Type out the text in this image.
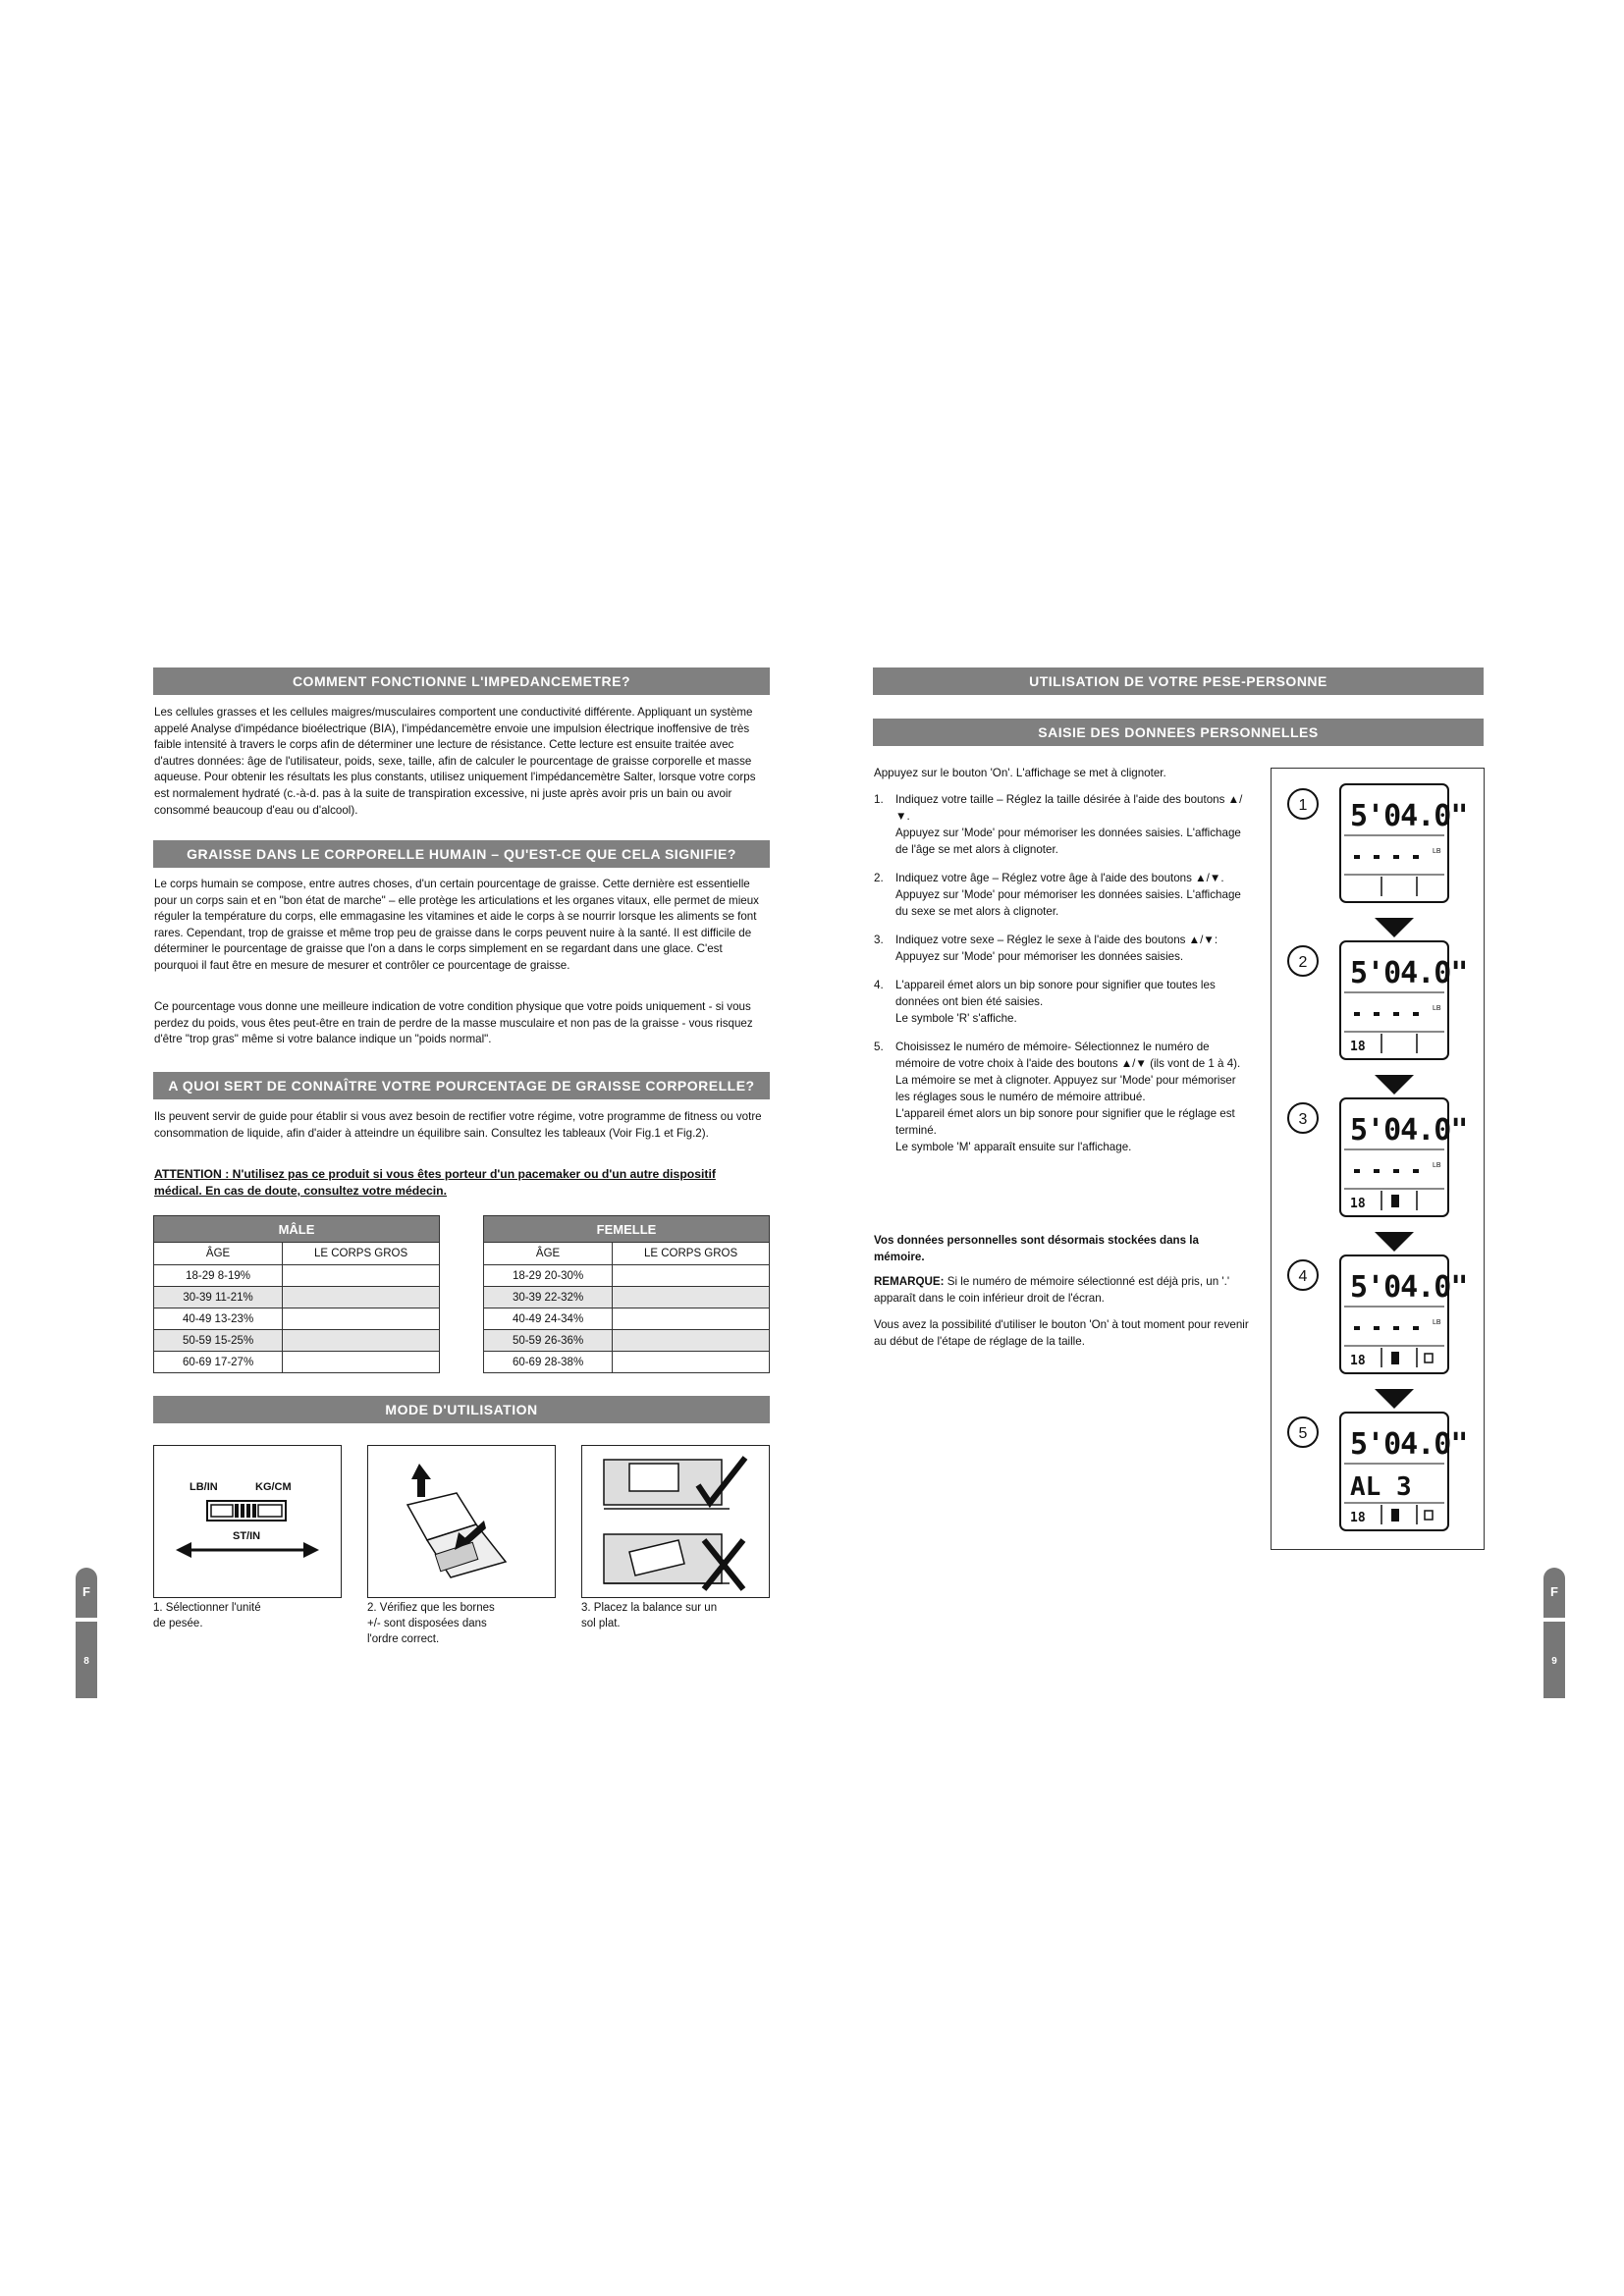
COMMENT FONCTIONNE L'IMPEDANCEMETRE?

Les cellules grasses et les cellules maigres/musculaires comportent une conductivité différente. Appliquant un système appelé Analyse d'impédance bioélectrique (BIA), l'impédancemètre envoie une impulsion électrique inoffensive de très faible intensité à travers le corps afin de déterminer une lecture de résistance. Cette lecture est ensuite traitée avec d'autres données: âge de l'utilisateur, poids, sexe, taille, afin de calculer le pourcentage de graisse corporelle et masse aqueuse. Pour obtenir les résultats les plus constants, utilisez uniquement l'impédancemètre Salter, lorsque votre corps est normalement hydraté (c.-à-d. pas à la suite de transpiration excessive, ni juste après avoir pris un bain ou avoir consommé beaucoup d'eau ou d'alcool).

GRAISSE DANS LE CORPORELLE HUMAIN – QU'EST-CE QUE CELA SIGNIFIE?

Le corps humain se compose, entre autres choses, d'un certain pourcentage de graisse. Cette dernière est essentielle pour un corps sain et en "bon état de marche" – elle protège les articulations et les organes vitaux, elle permet de mieux réguler la température du corps, elle emmagasine les vitamines et aide le corps à se nourrir lorsque les aliments se font rares. Cependant, trop de graisse et même trop peu de graisse dans le corps peuvent nuire à la santé. Il est difficile de déterminer le pourcentage de graisse que l'on a dans le corps simplement en se regardant dans une glace. C'est pourquoi il faut être en mesure de mesurer et contrôler ce pourcentage de graisse.

Ce pourcentage vous donne une meilleure indication de votre condition physique que votre poids uniquement - si vous perdez du poids, vous êtes peut-être en train de perdre de la masse musculaire et non pas de la graisse - vous risquez d'être "trop gras" même si votre balance indique un "poids normal".

A QUOI SERT DE CONNAÎTRE VOTRE POURCENTAGE DE GRAISSE CORPORELLE?

Ils peuvent servir de guide pour établir si vous avez besoin de rectifier votre régime, votre programme de fitness ou votre consommation de liquide, afin d'aider à atteindre un équilibre sain. Consultez les tableaux (Voir Fig.1 et Fig.2).

ATTENTION : N'utilisez pas ce produit si vous êtes porteur d'un pacemaker ou d'un autre dispositif médical. En cas de doute, consultez votre médecin.

MÂLE	
ÂGE	LE CORPS GROS
18-29 8-19%	
30-39 11-21%	
40-49 13-23%	
50-59 15-25%	
60-69 17-27%	
FEMELLE	
ÂGE	LE CORPS GROS
18-29 20-30%	
30-39 22-32%	
40-49 24-34%	
50-59 26-36%	
60-69 28-38%	
MODE D'UTILISATION
LB/IN	KG/CM
ST/IN

1. Sélectionner l'unité
de pesée.

2. Vérifiez que les bornes
+/- sont disposées dans
l'ordre correct.

3. Placez la balance sur un
sol plat.

F
8
UTILISATION DE VOTRE PESE-PERSONNE
SAISIE DES DONNEES PERSONNELLES

Appuyez sur le bouton 'On'. L'affichage se met à clignoter.

1. Indiquez votre taille – Réglez la taille désirée à l'aide des boutons ▲/▼.
Appuyez sur 'Mode' pour mémoriser les données saisies. L'affichage de l'âge se met alors à clignoter.
2. Indiquez votre âge – Réglez votre âge à l'aide des boutons ▲/▼.
Appuyez sur 'Mode' pour mémoriser les données saisies. L'affichage du sexe se met alors à clignoter.
3. Indiquez votre sexe – Réglez le sexe à l'aide des boutons ▲/▼:
Appuyez sur 'Mode' pour mémoriser les données saisies.
4. L'appareil émet alors un bip sonore pour signifier que toutes les données ont bien été saisies.
Le symbole 'R' s'affiche.
5. Choisissez le numéro de mémoire- Sélectionnez le numéro de mémoire de votre choix à l'aide des boutons ▲/▼ (ils vont de 1 à 4).
La mémoire se met à clignoter. Appuyez sur 'Mode' pour mémoriser les réglages sous le numéro de mémoire attribué.
L'appareil émet alors un bip sonore pour signifier que le réglage est terminé.
Le symbole 'M' apparaît ensuite sur l'affichage.

Vos données personnelles sont désormais stockées dans la mémoire.

REMARQUE: Si le numéro de mémoire sélectionné est déjà pris, un '.' apparaît dans le coin inférieur droit de l'écran.

Vous avez la possibilité d'utiliser le bouton 'On' à tout moment pour revenir au début de l'étape de réglage de la taille.

1 5'04.0"
LB
2 5'04.0"
LB
18
3 5'04.0"
LB
18
4 5'04.0"
LB
18
5 5'04.0"
AL 3
18
F
9
